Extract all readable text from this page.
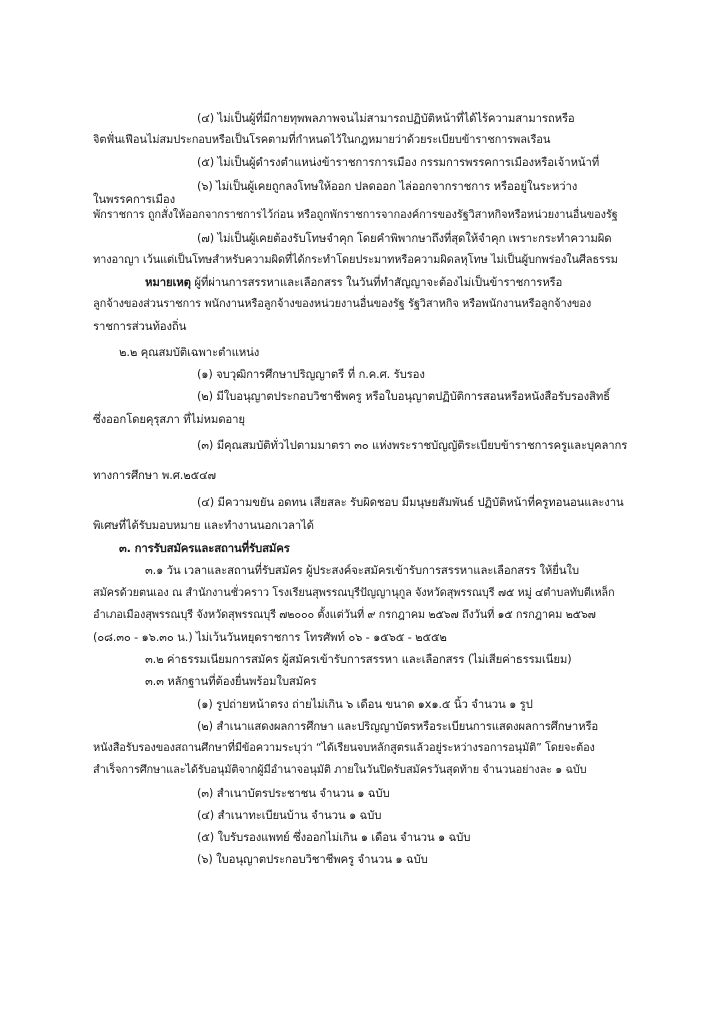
(๔) ไม่เป็นผู้ที่มีกายทุพพลภาพจนไม่สามารถปฏิบัติหน้าที่ได้ไร้ความสามารถหรือ

จิตฟั่นเฟือนไม่สมประกอบหรือเป็นโรคตามที่กำหนดไว้ในกฎหมายว่าด้วยระเบียบข้าราชการพลเรือน

(๕) ไม่เป็นผู้ดำรงตำแหน่งข้าราชการการเมือง กรรมการพรรคการเมืองหรือเจ้าหน้าที่

ในพรรคการเมือง

(๖) ไม่เป็นผู้เคยถูกลงโทษให้ออก ปลดออก ไล่ออกจากราชการ หรืออยู่ในระหว่าง

พักราชการ ถูกสั่งให้ออกจากราชการไว้ก่อน หรือถูกพักราชการจากองค์การของรัฐวิสาหกิจหรือหน่วยงานอื่นของรัฐ

(๗) ไม่เป็นผู้เคยต้องรับโทษจำคุก โดยคำพิพากษาถึงที่สุดให้จำคุก เพราะกระทำความผิด

ทางอาญา เว้นแต่เป็นโทษสำหรับความผิดที่ได้กระทำโดยประมาทหรือความผิดลหุโทษ ไม่เป็นผู้บกพร่องในศีลธรรม

หมายเหตุ ผู้ที่ผ่านการสรรหาและเลือกสรร ในวันที่ทำสัญญาจะต้องไม่เป็นข้าราชการหรือ

ลูกจ้างของส่วนราชการ พนักงานหรือลูกจ้างของหน่วยงานอื่นของรัฐ รัฐวิสาหกิจ หรือพนักงานหรือลูกจ้างของ

ราชการส่วนท้องถิ่น

๒.๒ คุณสมบัติเฉพาะตำแหน่ง

(๑) จบวุฒิการศึกษาปริญญาตรี ที่ ก.ค.ศ. รับรอง

(๒) มีใบอนุญาตประกอบวิชาชีพครู หรือใบอนุญาตปฏิบัติการสอนหรือหนังสือรับรองสิทธิ์

ซึ่งออกโดยคุรุสภา ที่ไม่หมดอายุ

(๓) มีคุณสมบัติทั่วไปตามมาตรา ๓๐ แห่งพระราชบัญญัติระเบียบข้าราชการครูและบุคลากร

ทางการศึกษา พ.ศ.๒๕๔๗

(๔) มีความขยัน อดทน เสียสละ รับผิดชอบ มีมนุษยสัมพันธ์ ปฏิบัติหน้าที่ครูทอนอนและงาน

พิเศษที่ได้รับมอบหมาย และทำงานนอกเวลาได้

๓. การรับสมัครและสถานที่รับสมัคร

๓.๑ วัน เวลาและสถานที่รับสมัคร ผู้ประสงค์จะสมัครเข้ารับการสรรหาและเลือกสรร ให้ยื่นใบ

สมัครด้วยตนเอง ณ สำนักงานชั่วคราว โรงเรียนสุพรรณบุรีปัญญานุกูล จังหวัดสุพรรณบุรี ๗๕ หมู่ ๔ตำบลทับตีเหล็ก

อำเภอเมืองสุพรรณบุรี จังหวัดสุพรรณบุรี ๗๒๐๐๐ ตั้งแต่วันที่ ๙ กรกฎาคม ๒๕๖๗ ถึงวันที่ ๑๕ กรกฎาคม ๒๕๖๗

(๐๘.๓๐ - ๑๖.๓๐ น.) ไม่เว้นวันหยุดราชการ โทรศัพท์ ๐๖ - ๑๕๖๕ - ๒๕๕๒

๓.๒ ค่าธรรมเนียมการสมัคร ผู้สมัครเข้ารับการสรรหา และเลือกสรร (ไม่เสียค่าธรรมเนียม)

๓.๓ หลักฐานที่ต้องยื่นพร้อมใบสมัคร

(๑) รูปถ่ายหน้าตรง ถ่ายไม่เกิน ๖ เดือน ขนาด ๑x๑.๕ นิ้ว จำนวน ๑ รูป

(๒) สำเนาแสดงผลการศึกษา และปริญญาบัตรหรือระเบียนการแสดงผลการศึกษาหรือ

หนังสือรับรองของสถานศึกษาที่มีข้อความระบุว่า “ได้เรียนจบหลักสูตรแล้วอยู่ระหว่างรอการอนุมัติ” โดยจะต้อง

สำเร็จการศึกษาและได้รับอนุมัติจากผู้มีอำนาจอนุมัติ ภายในวันปิดรับสมัครวันสุดท้าย จำนวนอย่างละ ๑ ฉบับ

(๓) สำเนาบัตรประชาชน จำนวน ๑ ฉบับ

(๔) สำเนาทะเบียนบ้าน จำนวน ๑ ฉบับ

(๕) ใบรับรองแพทย์ ซึ่งออกไม่เกิน ๑ เดือน จำนวน ๑ ฉบับ

(๖) ใบอนุญาตประกอบวิชาชีพครู จำนวน ๑ ฉบับ
